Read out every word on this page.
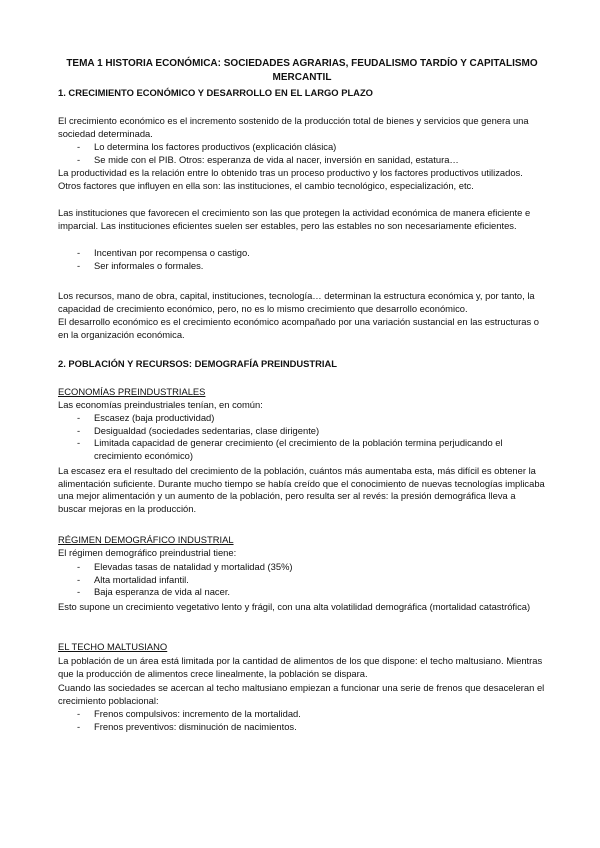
TEMA 1 HISTORIA ECONÓMICA: SOCIEDADES AGRARIAS, FEUDALISMO TARDÍO Y CAPITALISMO MERCANTIL
1. CRECIMIENTO ECONÓMICO Y DESARROLLO EN EL LARGO PLAZO

El crecimiento económico es el incremento sostenido de la producción total de bienes y servicios que genera una sociedad determinada.

- Lo determina los factores productivos (explicación clásica)
- Se mide con el PIB. Otros: esperanza de vida al nacer, inversión en sanidad, estatura…

La productividad es la relación entre lo obtenido tras un proceso productivo y los factores productivos utilizados. Otros factores que influyen en ella son: las instituciones, el cambio tecnológico, especialización, etc.

Las instituciones que favorecen el crecimiento son las que protegen la actividad económica de manera eficiente e imparcial. Las instituciones eficientes suelen ser estables, pero las estables no son necesariamente eficientes.

- Incentivan por recompensa o castigo.
- Ser informales o formales.

Los recursos, mano de obra, capital, instituciones, tecnología… determinan la estructura económica y, por tanto, la capacidad de crecimiento económico, pero, no es lo mismo crecimiento que desarrollo económico.

El desarrollo económico es el crecimiento económico acompañado por una variación sustancial en las estructuras o en la organización económica.

2. POBLACIÓN Y RECURSOS: DEMOGRAFÍA PREINDUSTRIAL
ECONOMÍAS PREINDUSTRIALES

Las economías preindustriales tenían, en común:

- Escasez (baja productividad)
- Desigualdad (sociedades sedentarias, clase dirigente)
- Limitada capacidad de generar crecimiento (el crecimiento de la población termina perjudicando el crecimiento económico)

La escasez era el resultado del crecimiento de la población, cuántos más aumentaba esta, más difícil es obtener la alimentación suficiente. Durante mucho tiempo se había creído que el conocimiento de nuevas tecnologías implicaba una mejor alimentación y un aumento de la población, pero resulta ser al revés: la presión demográfica lleva a buscar mejoras en la producción.

RÉGIMEN DEMOGRÁFICO INDUSTRIAL

El régimen demográfico preindustrial tiene:

- Elevadas tasas de natalidad y mortalidad (35%)
- Alta mortalidad infantil.
- Baja esperanza de vida al nacer.

Esto supone un crecimiento vegetativo lento y frágil, con una alta volatilidad demográfica (mortalidad catastrófica)

EL TECHO MALTUSIANO

La población de un área está limitada por la cantidad de alimentos de los que dispone: el techo maltusiano. Mientras que la producción de alimentos crece linealmente, la población se dispara.

Cuando las sociedades se acercan al techo maltusiano empiezan a funcionar una serie de frenos que desaceleran el crecimiento poblacional:

- Frenos compulsivos: incremento de la mortalidad.
- Frenos preventivos: disminución de nacimientos.
